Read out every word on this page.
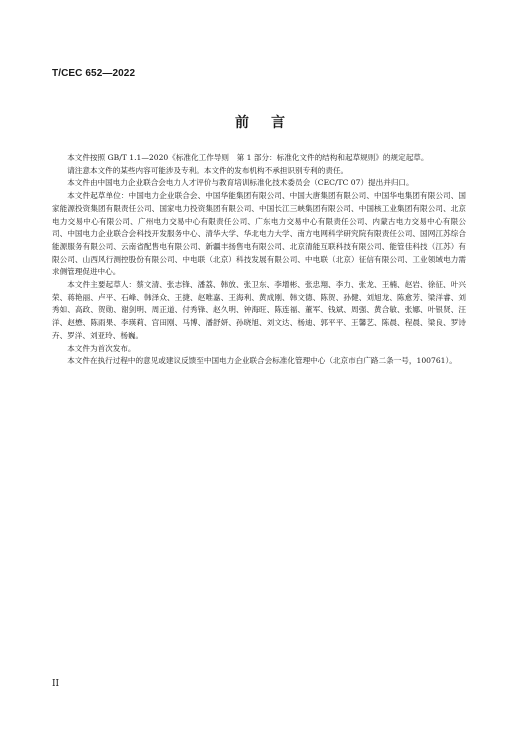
T/CEC 652—2022
前言

本文件按照 GB/T 1.1—2020《标准化工作导则　第 1 部分：标准化文件的结构和起草规则》的规定起草。

请注意本文件的某些内容可能涉及专利。本文件的发布机构不承担识别专利的责任。

本文件由中国电力企业联合会电力人才评价与教育培训标准化技术委员会（CEC/TC 07）提出并归口。

本文件起草单位：中国电力企业联合会、中国华能集团有限公司、中国大唐集团有限公司、中国华电集团有限公司、国家能源投资集团有限责任公司、国家电力投资集团有限公司、中国长江三峡集团有限公司、中国核工业集团有限公司、北京电力交易中心有限公司、广州电力交易中心有限责任公司、广东电力交易中心有限责任公司、内蒙古电力交易中心有限公司、中国电力企业联合会科技开发服务中心、清华大学、华北电力大学、南方电网科学研究院有限责任公司、国网江苏综合能源服务有限公司、云南省配售电有限公司、新疆丰扬售电有限公司、北京清能互联科技有限公司、能管佳科技（江苏）有限公司、山西风行测控股份有限公司、中电联（北京）科技发展有限公司、中电联（北京）征信有限公司、工业领域电力需求侧管理促进中心。

本文件主要起草人：蔡文清、张志锋、潘荔、韩放、张卫东、李增彬、张忠翔、李力、张龙、王楠、赵岩、徐征、叶兴荣、蒋艳丽、卢平、石峰、韩泽众、王捷、赵唯嘉、王海利、黄成刚、韩文德、陈贺、孙健、刘旭龙、陈愈芳、梁洋睿、刘秀如、高政、贺勋、谢剑明、周正道、付秀锋、赵久明、钟海旺、陈连福、董军、钱斌、周强、黄合敏、张娜、叶银贤、汪洋、赵懋、陈雨果、李瑛莉、宫田刚、马博、潘舒妍、孙晓旭、刘文达、杨迪、郭平平、王馨艺、陈晨、程晨、梁良、罗诗卉、罗洋、刘亚玲、杨巍。

本文件为首次发布。

本文件在执行过程中的意见或建议反馈至中国电力企业联合会标准化管理中心（北京市白广路二条一号，100761）。

II
